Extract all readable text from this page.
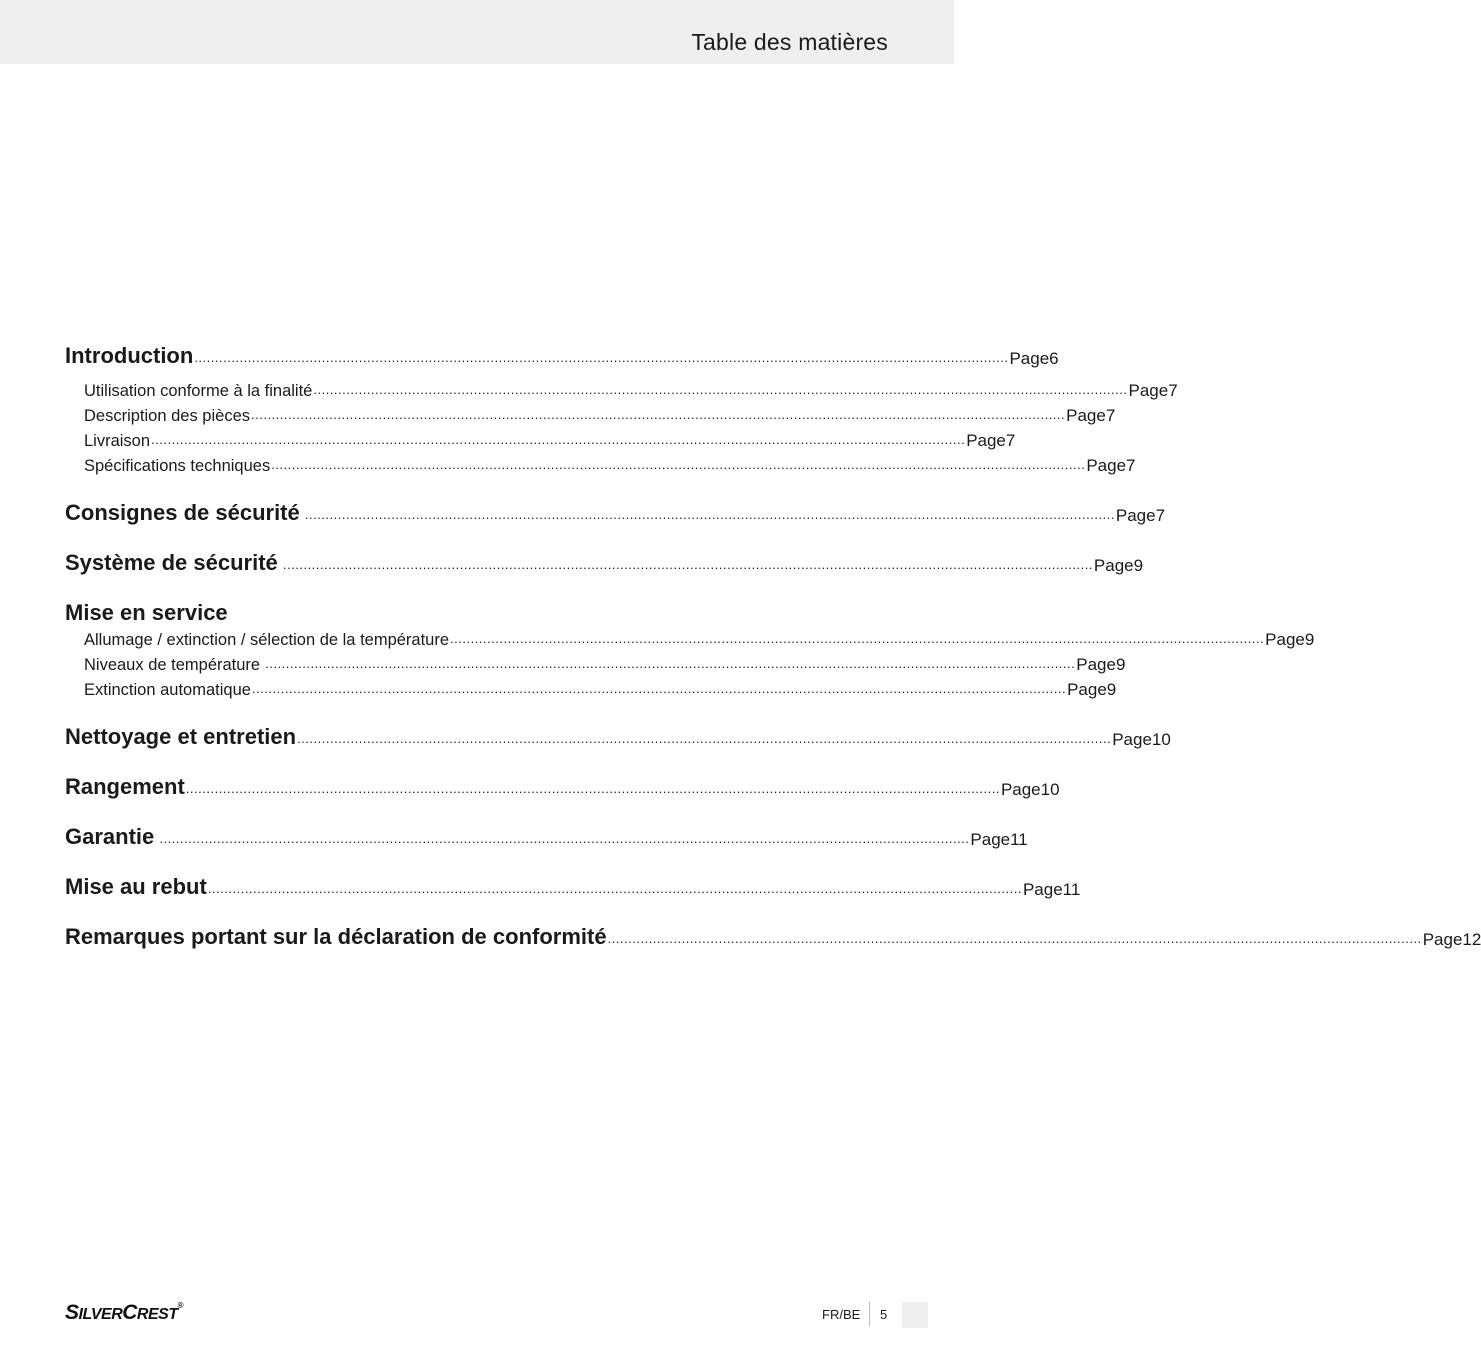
Table des matières
Introduction ...................................................................................................................................................................................................... Page 6
Utilisation conforme à la finalité ...................................................................................................................................................................................................... Page 7
Description des pièces ...................................................................................................................................................................................................... Page 7
Livraison ...................................................................................................................................................................................................... Page 7
Spécifications techniques ...................................................................................................................................................................................................... Page 7
Consignes de sécurité ..................................................................................................................................................................................................... Page 7
Système de sécurité ..................................................................................................................................................................................................... Page 9
Mise en service
Allumage / extinction / sélection de la température ...................................................................................................................................................................................................... Page 9
Niveaux de température ..................................................................................................................................................................................................... Page 9
Extinction automatique ...................................................................................................................................................................................................... Page 9
Nettoyage et entretien ...................................................................................................................................................................................................... Page 10
Rangement ...................................................................................................................................................................................................... Page 10
Garantie ..................................................................................................................................................................................................... Page 11
Mise au rebut ...................................................................................................................................................................................................... Page 11
Remarques portant sur la déclaration de conformité ...................................................................................................................................................................................................... Page 12
SILVERCREST®
FR/BE 5
